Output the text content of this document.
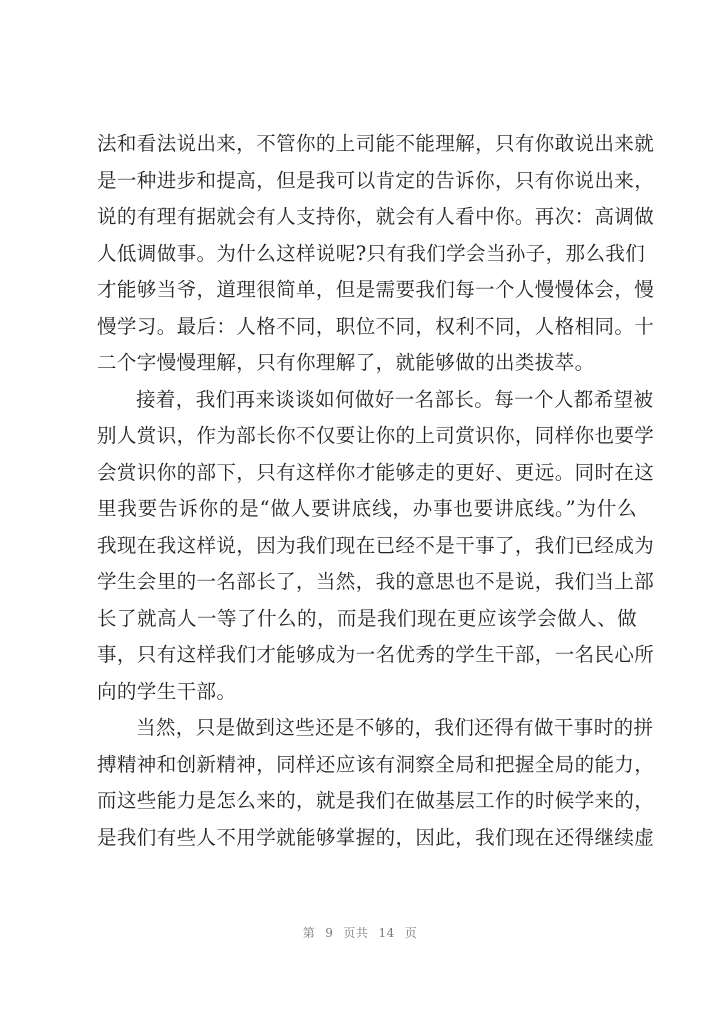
法和看法说出来，不管你的上司能不能理解，只有你敢说出来就
是一种进步和提高，但是我可以肯定的告诉你，只有你说出来，
说的有理有据就会有人支持你，就会有人看中你。再次：高调做
人低调做事。为什么这样说呢?只有我们学会当孙子，那么我们
才能够当爷，道理很简单，但是需要我们每一个人慢慢体会，慢
慢学习。最后：人格不同，职位不同，权利不同，人格相同。十
二个字慢慢理解，只有你理解了，就能够做的出类拔萃。
接着，我们再来谈谈如何做好一名部长。每一个人都希望被
别人赏识，作为部长你不仅要让你的上司赏识你，同样你也要学
会赏识你的部下，只有这样你才能够走的更好、更远。同时在这
里我要告诉你的是“做人要讲底线，办事也要讲底线。”为什么
我现在我这样说，因为我们现在已经不是干事了，我们已经成为
学生会里的一名部长了，当然，我的意思也不是说，我们当上部
长了就高人一等了什么的，而是我们现在更应该学会做人、做
事，只有这样我们才能够成为一名优秀的学生干部，一名民心所
向的学生干部。
当然，只是做到这些还是不够的，我们还得有做干事时的拼
搏精神和创新精神，同样还应该有洞察全局和把握全局的能力，
而这些能力是怎么来的，就是我们在做基层工作的时候学来的，
是我们有些人不用学就能够掌握的，因此，我们现在还得继续虚
第 9 页共 14 页
